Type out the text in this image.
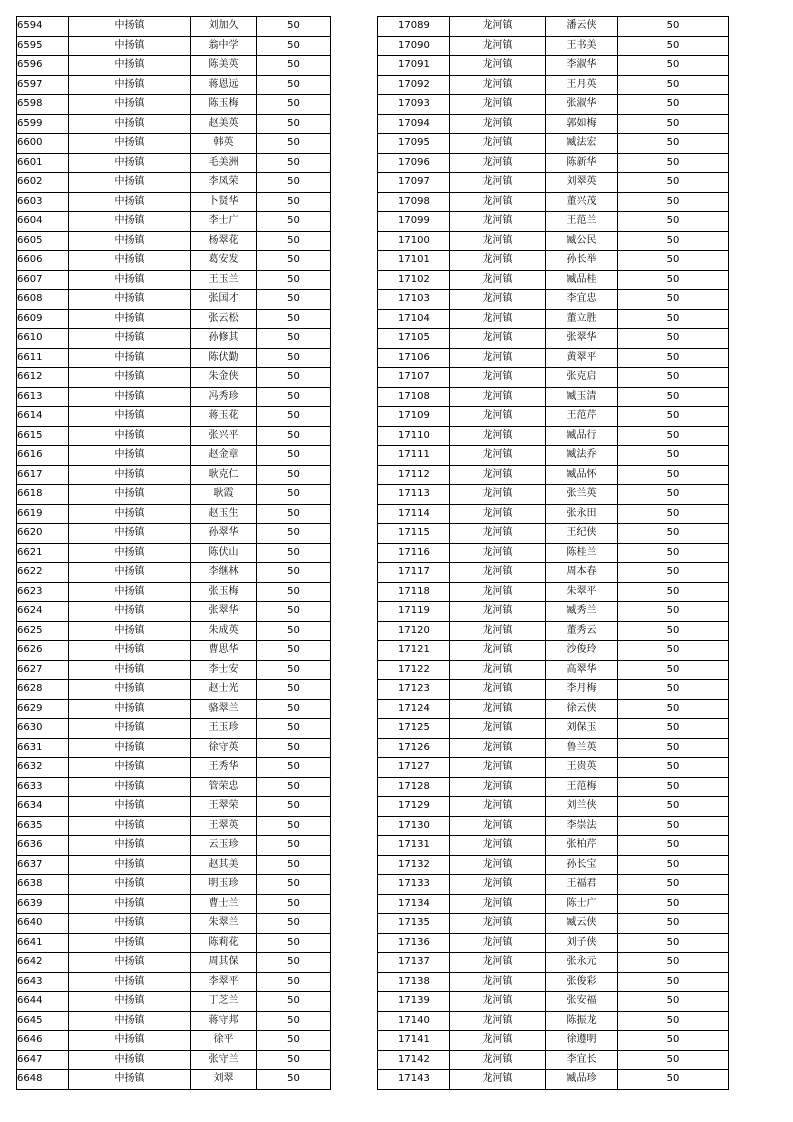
6594	中扬镇	刘加久	50
6595	中扬镇	翁中学	50
6596	中扬镇	陈美英	50
6597	中扬镇	蒋恩远	50
6598	中扬镇	陈玉梅	50
6599	中扬镇	赵美英	50
6600	中扬镇	韩英	50
6601	中扬镇	毛美洲	50
6602	中扬镇	李凤荣	50
6603	中扬镇	卜贤华	50
6604	中扬镇	李士广	50
6605	中扬镇	杨翠花	50
6606	中扬镇	葛安发	50
6607	中扬镇	王玉兰	50
6608	中扬镇	张国才	50
6609	中扬镇	张云松	50
6610	中扬镇	孙修其	50
6611	中扬镇	陈伏勤	50
6612	中扬镇	朱金侠	50
6613	中扬镇	冯秀珍	50
6614	中扬镇	蒋玉花	50
6615	中扬镇	张兴平	50
6616	中扬镇	赵金章	50
6617	中扬镇	耿克仁	50
6618	中扬镇	耿霞	50
6619	中扬镇	赵玉生	50
6620	中扬镇	孙翠华	50
6621	中扬镇	陈伏山	50
6622	中扬镇	李继林	50
6623	中扬镇	张玉梅	50
6624	中扬镇	张翠华	50
6625	中扬镇	朱成英	50
6626	中扬镇	曹思华	50
6627	中扬镇	李士安	50
6628	中扬镇	赵士光	50
6629	中扬镇	骆翠兰	50
6630	中扬镇	王玉珍	50
6631	中扬镇	徐守英	50
6632	中扬镇	王秀华	50
6633	中扬镇	管荣忠	50
6634	中扬镇	王翠荣	50
6635	中扬镇	王翠英	50
6636	中扬镇	云玉珍	50
6637	中扬镇	赵其美	50
6638	中扬镇	明玉珍	50
6639	中扬镇	曹士兰	50
6640	中扬镇	朱翠兰	50
6641	中扬镇	陈莉花	50
6642	中扬镇	周其保	50
6643	中扬镇	李翠平	50
6644	中扬镇	丁芝兰	50
6645	中扬镇	蒋守邦	50
6646	中扬镇	徐平	50
6647	中扬镇	张守兰	50
6648	中扬镇	刘翠	50
17089	龙河镇	潘云侠	50
17090	龙河镇	王书美	50
17091	龙河镇	李淑华	50
17092	龙河镇	王月英	50
17093	龙河镇	张淑华	50
17094	龙河镇	郭如梅	50
17095	龙河镇	臧法宏	50
17096	龙河镇	陈新华	50
17097	龙河镇	刘翠英	50
17098	龙河镇	董兴茂	50
17099	龙河镇	王范兰	50
17100	龙河镇	臧公民	50
17101	龙河镇	孙长举	50
17102	龙河镇	臧品桂	50
17103	龙河镇	李宜忠	50
17104	龙河镇	董立胜	50
17105	龙河镇	张翠华	50
17106	龙河镇	黄翠平	50
17107	龙河镇	张克启	50
17108	龙河镇	臧玉清	50
17109	龙河镇	王范芹	50
17110	龙河镇	臧品行	50
17111	龙河镇	臧法乔	50
17112	龙河镇	臧品怀	50
17113	龙河镇	张兰英	50
17114	龙河镇	张永田	50
17115	龙河镇	王纪侠	50
17116	龙河镇	陈桂兰	50
17117	龙河镇	周本春	50
17118	龙河镇	朱翠平	50
17119	龙河镇	臧秀兰	50
17120	龙河镇	董秀云	50
17121	龙河镇	沙俊玲	50
17122	龙河镇	高翠华	50
17123	龙河镇	李月梅	50
17124	龙河镇	徐云侠	50
17125	龙河镇	刘保玉	50
17126	龙河镇	鲁兰英	50
17127	龙河镇	王贵英	50
17128	龙河镇	王范梅	50
17129	龙河镇	刘兰侠	50
17130	龙河镇	李崇法	50
17131	龙河镇	张柏芹	50
17132	龙河镇	孙长宝	50
17133	龙河镇	王福君	50
17134	龙河镇	陈士广	50
17135	龙河镇	臧云侠	50
17136	龙河镇	刘子侠	50
17137	龙河镇	张永元	50
17138	龙河镇	张俊彩	50
17139	龙河镇	张安福	50
17140	龙河镇	陈振龙	50
17141	龙河镇	徐遵明	50
17142	龙河镇	李宜长	50
17143	龙河镇	臧品珍	50
